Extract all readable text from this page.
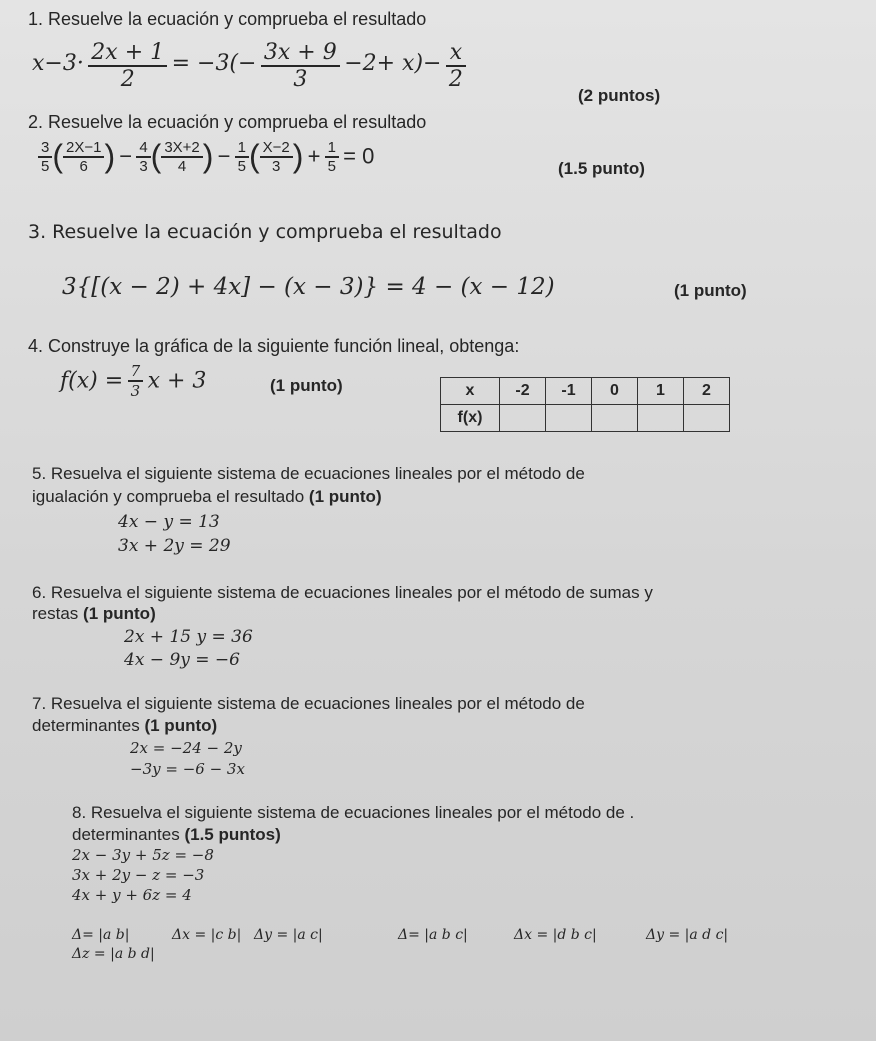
1. Resuelve la ecuación y comprueba el resultado
$x-3\cdot \frac{2x + 1}{2} = -3(- \frac{3x + 9}{3} -2+ x)- \frac{x}{2}$
(2 puntos)
2. Resuelve la ecuación y comprueba el resultado
$\frac{3}{5}$ ( $\frac{2X-1}{6}$ ) − $\frac{4}{3}$ ( $\frac{3X+2}{4}$ ) − $\frac{1}{5}$ ( $\frac{X-2}{3}$ ) + $\frac{1}{5} = 0$	(1.5 punto)
3. Resuelve la ecuación y comprueba el resultado
3{[(x − 2) + 4x] − (x − 3)} = 4 − (x − 12)	(1 punto)
4. Construye la gráfica de la siguiente función lineal, obtenga:
$f(x) = \frac{7}{3}$ x + 3	(1 punto)	x	-2	-1	0	1	2
f(x)					
5. Resuelva el siguiente sistema de ecuaciones lineales por el método de
igualación y comprueba el resultado (1 punto)
4x − y = 13
3x + 2y = 29
6. Resuelva el siguiente sistema de ecuaciones lineales por el método de sumas y
restas (1 punto)
2x + 15 y = 36
4x − 9y = −6
7. Resuelva el siguiente sistema de ecuaciones lineales por el método de
determinantes (1 punto)
2x = −24 − 2y
−3y = −6 − 3x
8. Resuelva el siguiente sistema de ecuaciones lineales por el método de .
determinantes (1.5 puntos)
2x − 3y + 5z = −8
3x + 2y − z = −3
4x + y + 6z = 4
Δ= |a b|	Δx = |c b| Δy = |a c|	Δ= |a b c|	Δx = |d b c|	Δy = |a d c|
Δz = |a b d|
